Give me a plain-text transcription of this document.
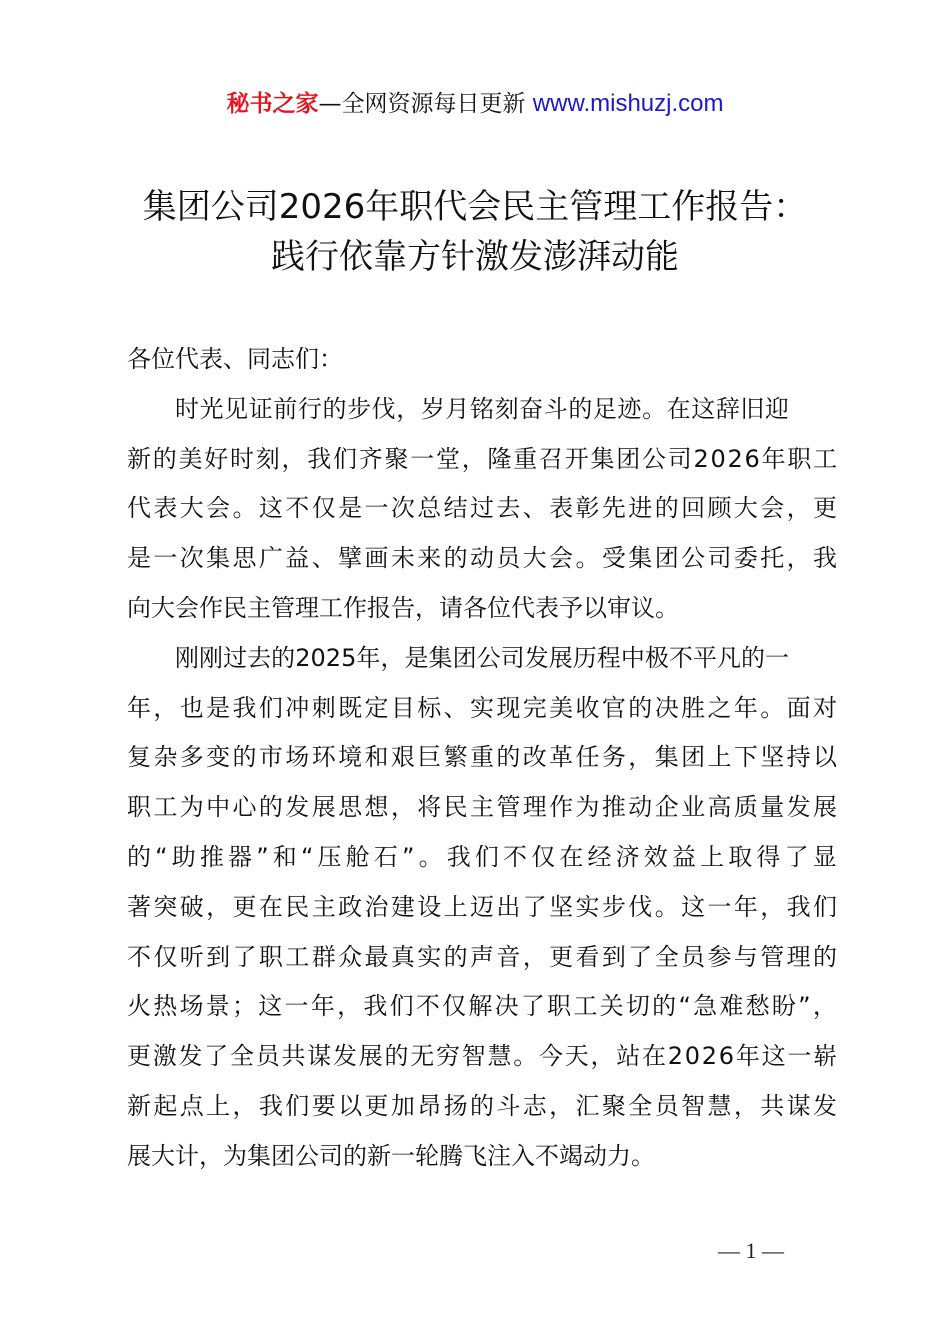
秘书之家—全网资源每日更新 www.mishuzj.com
集团公司2026年职代会民主管理工作报告：
践行依靠方针激发澎湃动能

各位代表、同志们：

时光见证前行的步伐，岁月铭刻奋斗的足迹。在这辞旧迎
新的美好时刻，我们齐聚一堂，隆重召开集团公司2026年职工
代表大会。这不仅是一次总结过去、表彰先进的回顾大会，更
是一次集思广益、擘画未来的动员大会。受集团公司委托，我
向大会作民主管理工作报告，请各位代表予以审议。

刚刚过去的2025年，是集团公司发展历程中极不平凡的一
年，也是我们冲刺既定目标、实现完美收官的决胜之年。面对
复杂多变的市场环境和艰巨繁重的改革任务，集团上下坚持以
职工为中心的发展思想，将民主管理作为推动企业高质量发展
的“助推器”和“压舱石”。我们不仅在经济效益上取得了显
著突破，更在民主政治建设上迈出了坚实步伐。这一年，我们
不仅听到了职工群众最真实的声音，更看到了全员参与管理的
火热场景；这一年，我们不仅解决了职工关切的“急难愁盼”，
更激发了全员共谋发展的无穷智慧。今天，站在2026年这一崭
新起点上，我们要以更加昂扬的斗志，汇聚全员智慧，共谋发
展大计，为集团公司的新一轮腾飞注入不竭动力。

— 1 —
